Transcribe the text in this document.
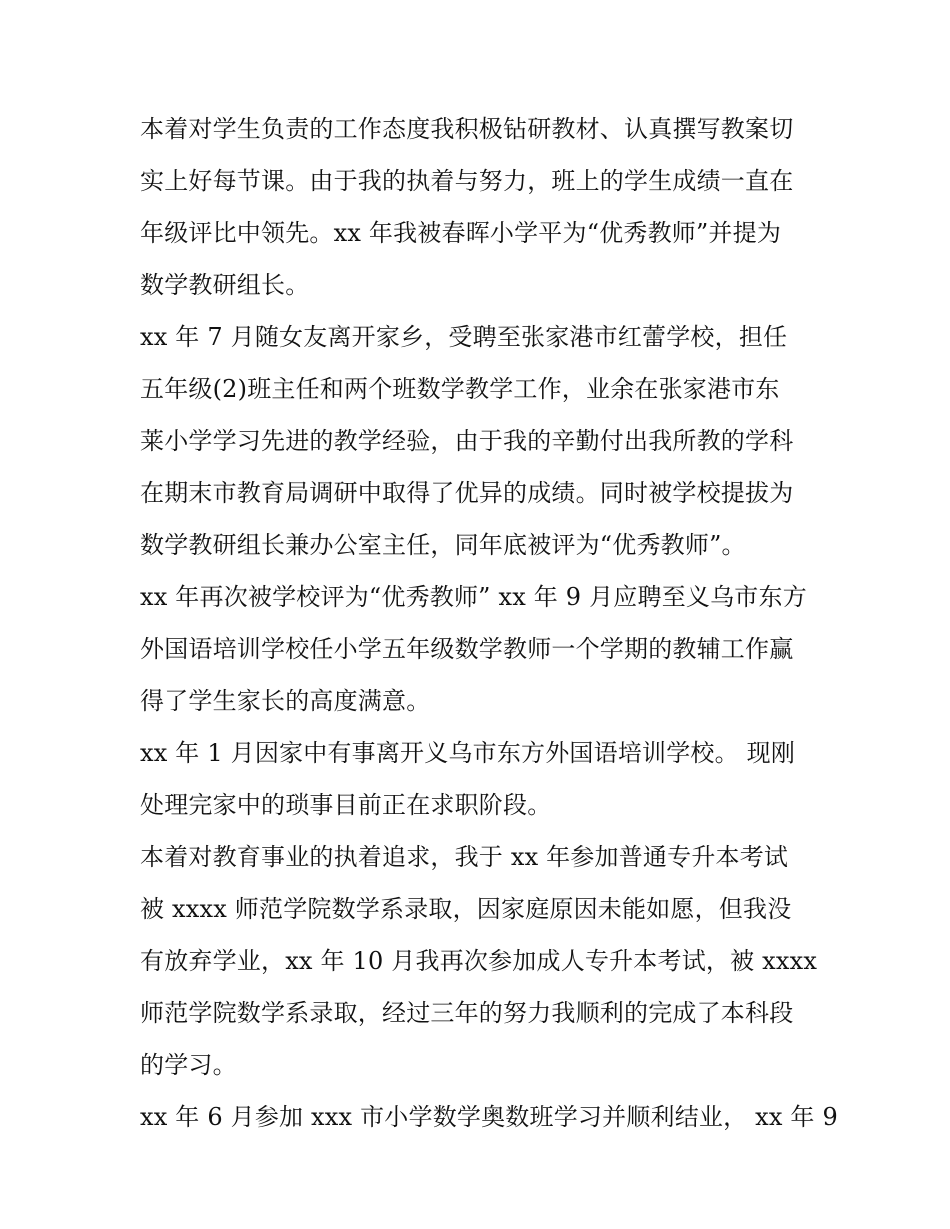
本着对学生负责的工作态度我积极钻研教材、认真撰写教案切
实上好每节课。由于我的执着与努力，班上的学生成绩一直在
年级评比中领先。xx 年我被春晖小学平为“优秀教师”并提为
数学教研组长。
xx 年 7 月随女友离开家乡，受聘至张家港市红蕾学校，担任
五年级(2)班主任和两个班数学教学工作，业余在张家港市东
莱小学学习先进的教学经验，由于我的辛勤付出我所教的学科
在期末市教育局调研中取得了优异的成绩。同时被学校提拔为
数学教研组长兼办公室主任，同年底被评为“优秀教师”。
xx 年再次被学校评为“优秀教师” xx 年 9 月应聘至义乌市东方
外国语培训学校任小学五年级数学教师一个学期的教辅工作赢
得了学生家长的高度满意。
xx 年 1 月因家中有事离开义乌市东方外国语培训学校。 现刚
处理完家中的琐事目前正在求职阶段。
本着对教育事业的执着追求，我于 xx 年参加普通专升本考试
被 xxxx 师范学院数学系录取，因家庭原因未能如愿，但我没
有放弃学业，xx 年 10 月我再次参加成人专升本考试，被 xxxx
师范学院数学系录取，经过三年的努力我顺利的完成了本科段
的学习。
xx 年 6 月参加 xxx 市小学数学奥数班学习并顺利结业， xx 年 9
